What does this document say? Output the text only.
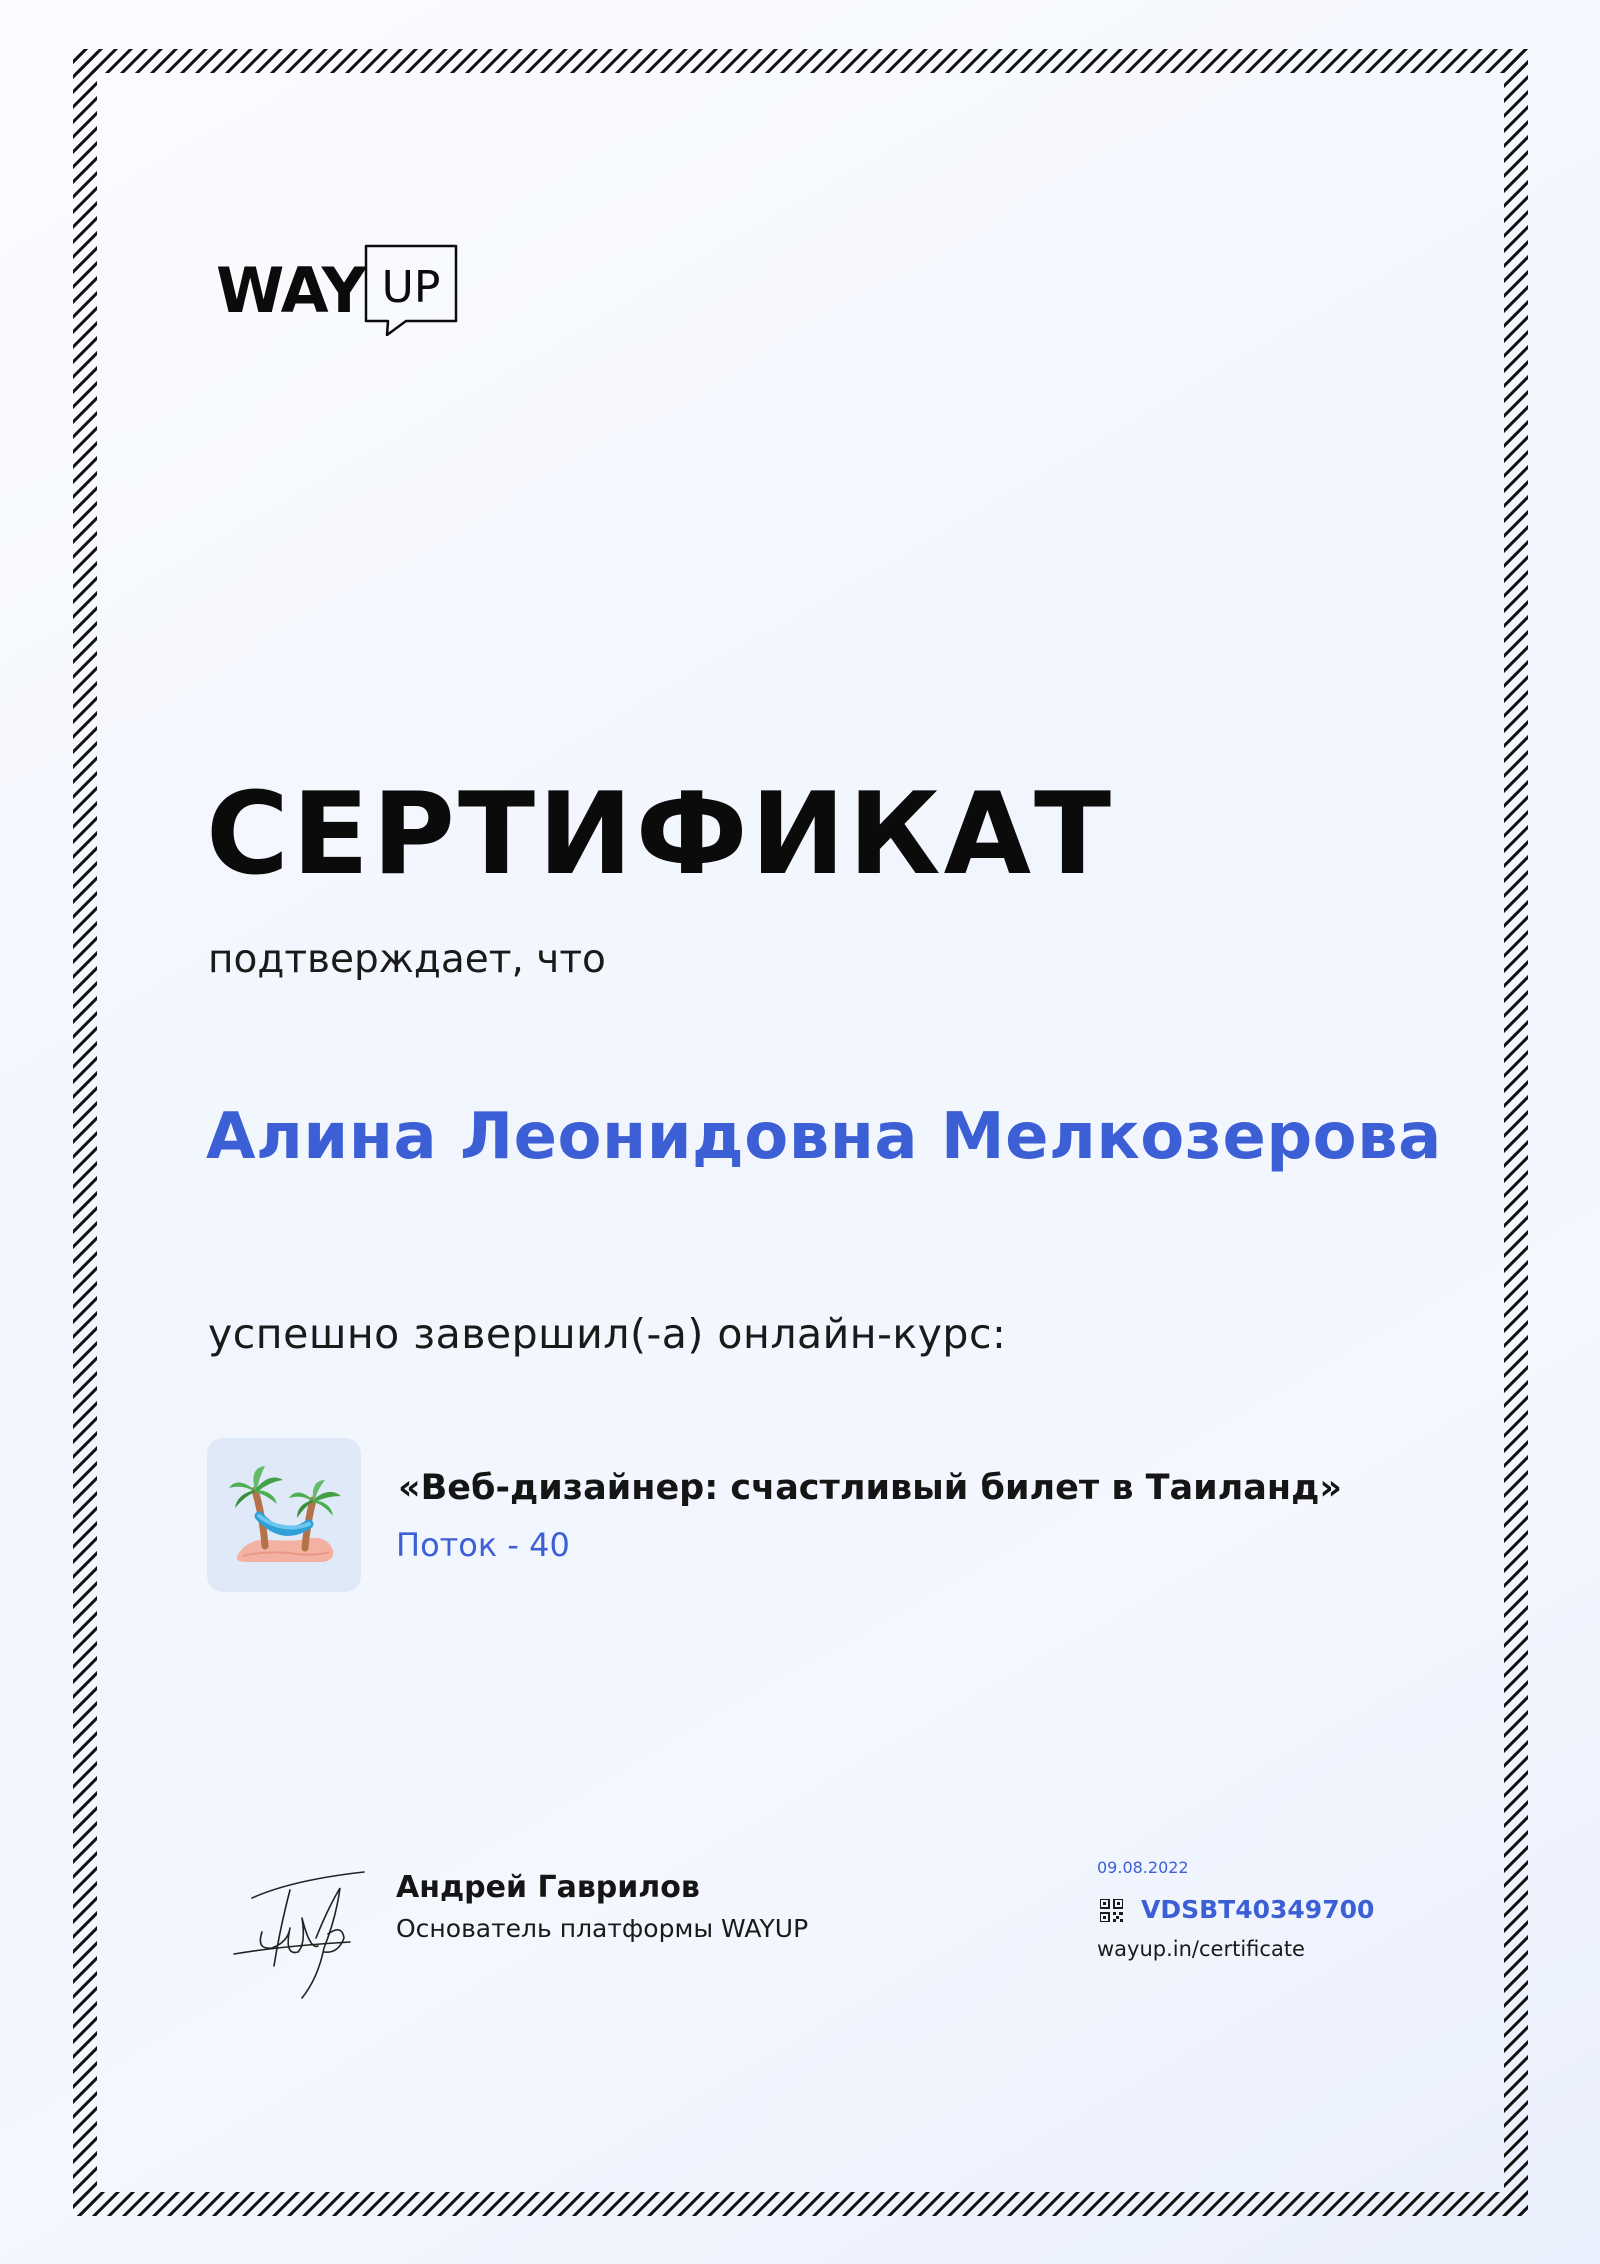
WAY UP
СЕРТИФИКАТ
подтверждает, что
Алина Леонидовна Мелкозерова
успешно завершил(-а) онлайн-курс:
«Веб-дизайнер: счастливый билет в Таиланд»
Поток - 40
Андрей Гаврилов
Основатель платформы WAYUP
09.08.2022
VDSBT40349700
wayup.in/certificate
